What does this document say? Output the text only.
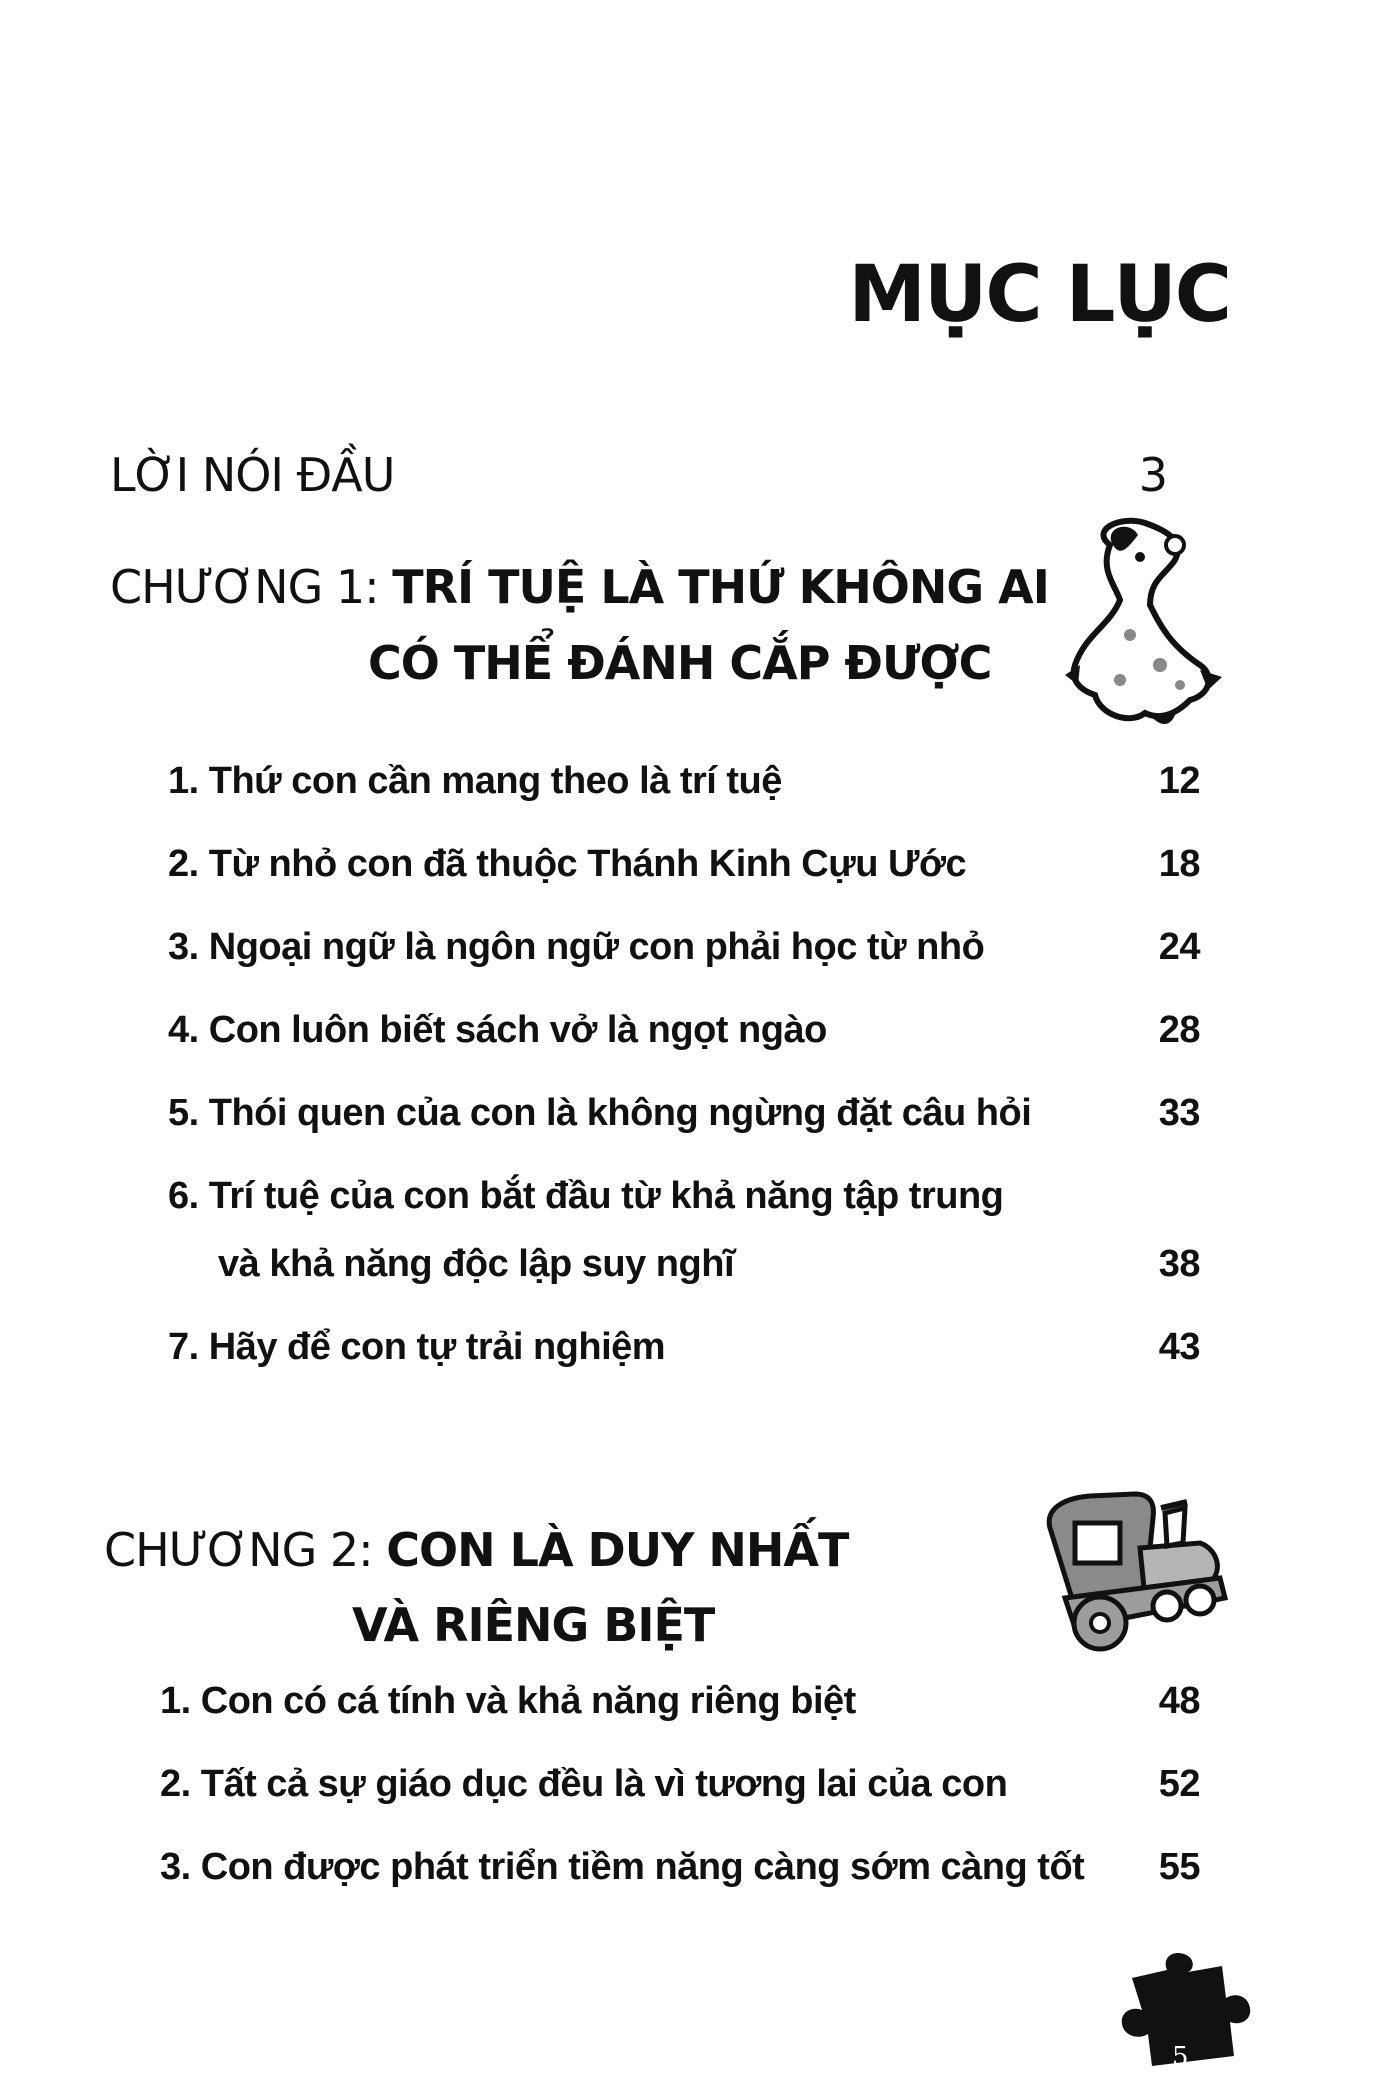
MỤC LỤC
LỜI NÓI ĐẦU	3
CHƯƠNG 1: TRÍ TUỆ LÀ THỨ KHÔNG AI
CÓ THỂ ĐÁNH CẮP ĐƯỢC
1. Thứ con cần mang theo là trí tuệ	12
2. Từ nhỏ con đã thuộc Thánh Kinh Cựu Ước	18
3. Ngoại ngữ là ngôn ngữ con phải học từ nhỏ	24
4. Con luôn biết sách vở là ngọt ngào	28
5. Thói quen của con là không ngừng đặt câu hỏi	33
6. Trí tuệ của con bắt đầu từ khả năng tập trung
và khả năng độc lập suy nghĩ	38
7. Hãy để con tự trải nghiệm	43
CHƯƠNG 2: CON LÀ DUY NHẤT
VÀ RIÊNG BIỆT
1. Con có cá tính và khả năng riêng biệt	48
2. Tất cả sự giáo dục đều là vì tương lai của con	52
3. Con được phát triển tiềm năng càng sớm càng tốt 55
5
